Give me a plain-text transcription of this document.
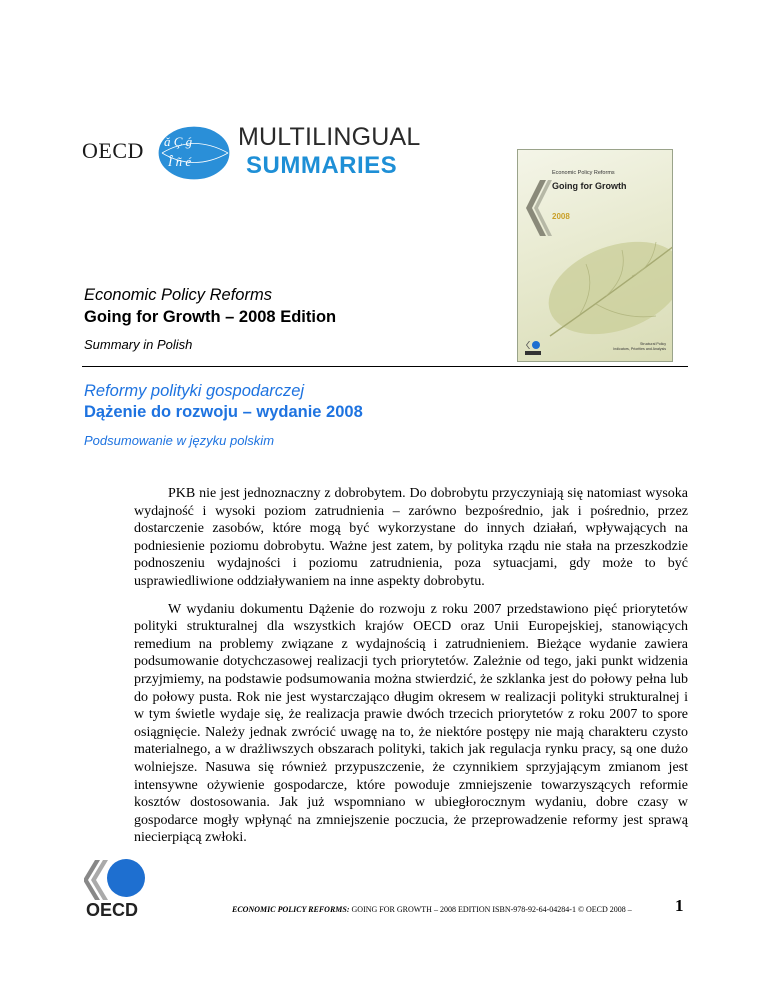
OECD ǎ Ç ǵ
Î ñ é
MULTILINGUAL
SUMMARIES	Economic Policy Reforms
Going for Growth
2008
Structural Policy
Indicators, Priorities and Analysis
Economic Policy Reforms
Going for Growth – 2008 Edition
Summary in Polish
Reformy polityki gospodarczej
Dążenie do rozwoju – wydanie 2008
Podsumowanie w języku polskim

PKB nie jest jednoznaczny z dobrobytem. Do dobrobytu przyczyniają się natomiast wysoka wydajność i wysoki poziom zatrudnienia – zarówno bezpośrednio, jak i pośrednio, przez dostarczenie zasobów, które mogą być wykorzystane do innych działań, wpływających na podniesienie poziomu dobrobytu. Ważne jest zatem, by polityka rządu nie stała na przeszkodzie podnoszeniu wydajności i poziomu zatrudnienia, poza sytuacjami, gdy może to być usprawiedliwione oddziaływaniem na inne aspekty dobrobytu.

W wydaniu dokumentu Dążenie do rozwoju z roku 2007 przedstawiono pięć priorytetów polityki strukturalnej dla wszystkich krajów OECD oraz Unii Europejskiej, stanowiących remedium na problemy związane z wydajnością i zatrudnieniem. Bieżące wydanie zawiera podsumowanie dotychczasowej realizacji tych priorytetów. Zależnie od tego, jaki punkt widzenia przyjmiemy, na podstawie podsumowania można stwierdzić, że szklanka jest do połowy pełna lub do połowy pusta. Rok nie jest wystarczająco długim okresem w realizacji polityki strukturalnej i w tym świetle wydaje się, że realizacja prawie dwóch trzecich priorytetów z roku 2007 to spore osiągnięcie. Należy jednak zwrócić uwagę na to, że niektóre postępy nie mają charakteru czysto materialnego, a w drażliwszych obszarach polityki, takich jak regulacja rynku pracy, są one dużo wolniejsze. Nasuwa się również przypuszczenie, że czynnikiem sprzyjającym zmianom jest intensywne ożywienie gospodarcze, które powoduje zmniejszenie towarzyszących reformie kosztów dostosowania. Jak już wspomniano w ubiegłorocznym wydaniu, dobre czasy w gospodarce mogły wpłynąć na zmniejszenie poczucia, że przeprowadzenie reformy jest sprawą niecierpiącą zwłoki.

OECD	ECONOMIC POLICY REFORMS: GOING FOR GROWTH – 2008 EDITION ISBN-978-92-64-04284-1 © OECD 2008 –	1
